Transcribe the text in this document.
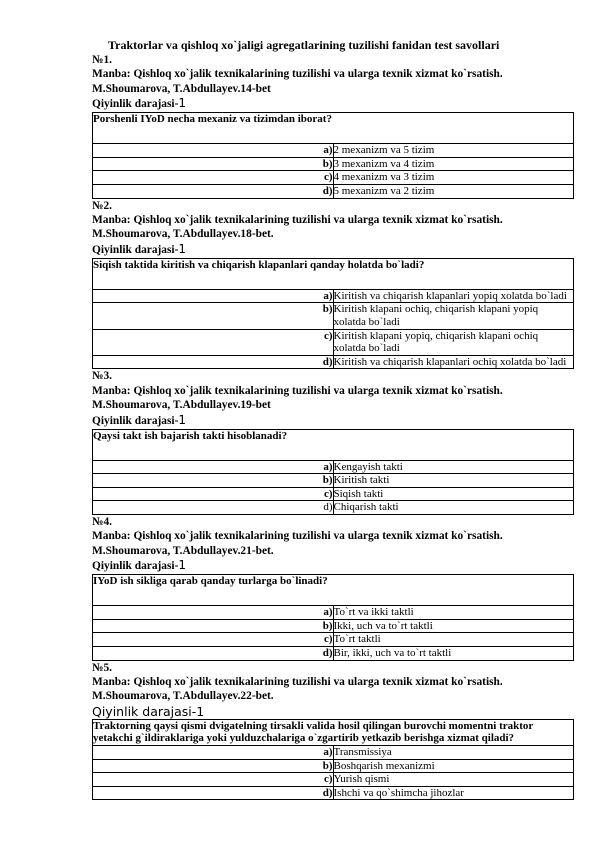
Traktorlar va qishloq xo`jaligi agregatlarining tuzilishi fanidan test savollari

№1.
Manba: Qishloq xo`jalik texnikalarining tuzilishi va ularga texnik xizmat ko`rsatish. M.Shoumarova, T.Abdullayev.14-bet
Qiyinlik darajasi-1
Porshenli IYoD necha mexaniz va tizimdan iborat?	
a)	2 mexanizm va 5 tizim
b)	3 mexanizm va 4 tizim
c)	4 mexanizm va 3 tizim
d)	5 mexanizm va 2 tizim
№2.
Manba: Qishloq xo`jalik texnikalarining tuzilishi va ularga texnik xizmat ko`rsatish. M.Shoumarova, T.Abdullayev.18-bet.
Qiyinlik darajasi-1
Siqish taktida kiritish va chiqarish klapanlari qanday holatda bo`ladi?	
a)	Kiritish va chiqarish klapanlari yopiq xolatda bo`ladi
b)	Kiritish klapani ochiq, chiqarish klapani yopiq xolatda bo`ladi
c)	Kiritish klapani yopiq, chiqarish klapani ochiq xolatda bo`ladi
d)	Kiritish va chiqarish klapanlari ochiq xolatda bo`ladi
№3.
Manba: Qishloq xo`jalik texnikalarining tuzilishi va ularga texnik xizmat ko`rsatish. M.Shoumarova, T.Abdullayev.19-bet
Qiyinlik darajasi-1
Qaysi takt ish bajarish takti hisoblanadi?	
a)	Kengayish takti
b)	Kiritish takti
c)	Siqish takti
d)	Chiqarish takti
№4.
Manba: Qishloq xo`jalik texnikalarining tuzilishi va ularga texnik xizmat ko`rsatish. M.Shoumarova, T.Abdullayev.21-bet.
Qiyinlik darajasi-1
IYoD ish sikliga qarab qanday turlarga bo`linadi?	
a)	To`rt va ikki taktli
b)	Ikki, uch va to`rt taktli
c)	To`rt taktli
d)	Bir, ikki, uch va to`rt taktli
№5.
Manba: Qishloq xo`jalik texnikalarining tuzilishi va ularga texnik xizmat ko`rsatish. M.Shoumarova, T.Abdullayev.22-bet.
Qiyinlik darajasi-1
Traktorning qaysi qismi dvigatelning tirsakli valida hosil qilingan burovchi momentni traktor yetakchi g`ildiraklariga yoki yulduzchalariga o`zgartirib yetkazib berishga xizmat qiladi?	
a)	Transmissiya
b)	Boshqarish mexanizmi
c)	Yurish qismi
d)	Ishchi va qo`shimcha jihozlar
